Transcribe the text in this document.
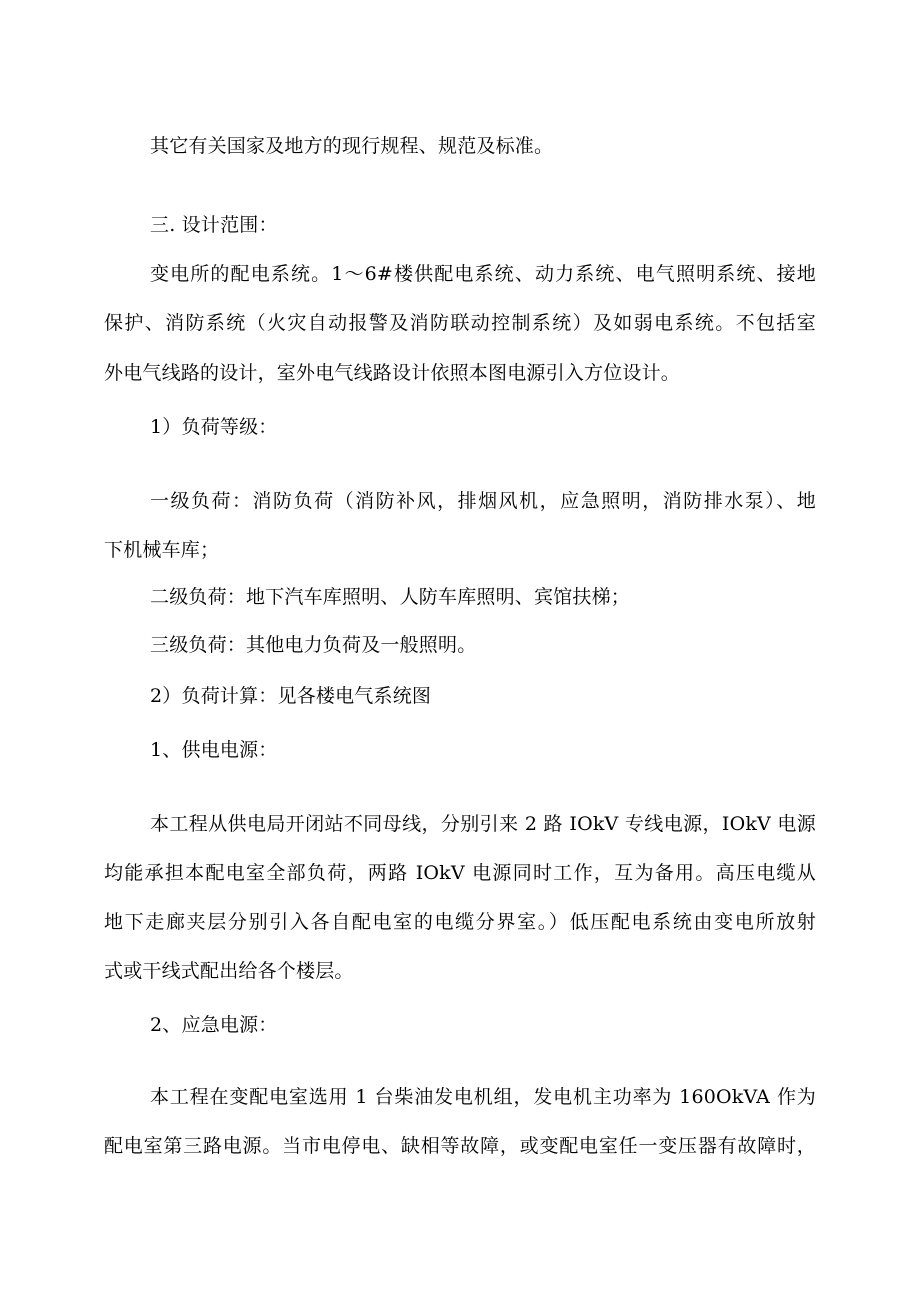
其它有关国家及地方的现行规程、规范及标准。
三. 设计范围：
变电所的配电系统。1～6#楼供配电系统、动力系统、电气照明系统、接地
保护、消防系统（火灾自动报警及消防联动控制系统）及如弱电系统。不包括室
外电气线路的设计，室外电气线路设计依照本图电源引入方位设计。
1）负荷等级：
一级负荷：消防负荷（消防补风，排烟风机，应急照明，消防排水泵）、地
下机械车库；
二级负荷：地下汽车库照明、人防车库照明、宾馆扶梯；
三级负荷：其他电力负荷及一般照明。
2）负荷计算：见各楼电气系统图
1、供电电源：
本工程从供电局开闭站不同母线，分别引来 2 路 IOkV 专线电源，IOkV 电源
均能承担本配电室全部负荷，两路 IOkV 电源同时工作，互为备用。高压电缆从
地下走廊夹层分别引入各自配电室的电缆分界室。）低压配电系统由变电所放射
式或干线式配出给各个楼层。
2、应急电源：
本工程在变配电室选用 1 台柴油发电机组，发电机主功率为 160OkVA 作为
配电室第三路电源。当市电停电、缺相等故障，或变配电室任一变压器有故障时，
